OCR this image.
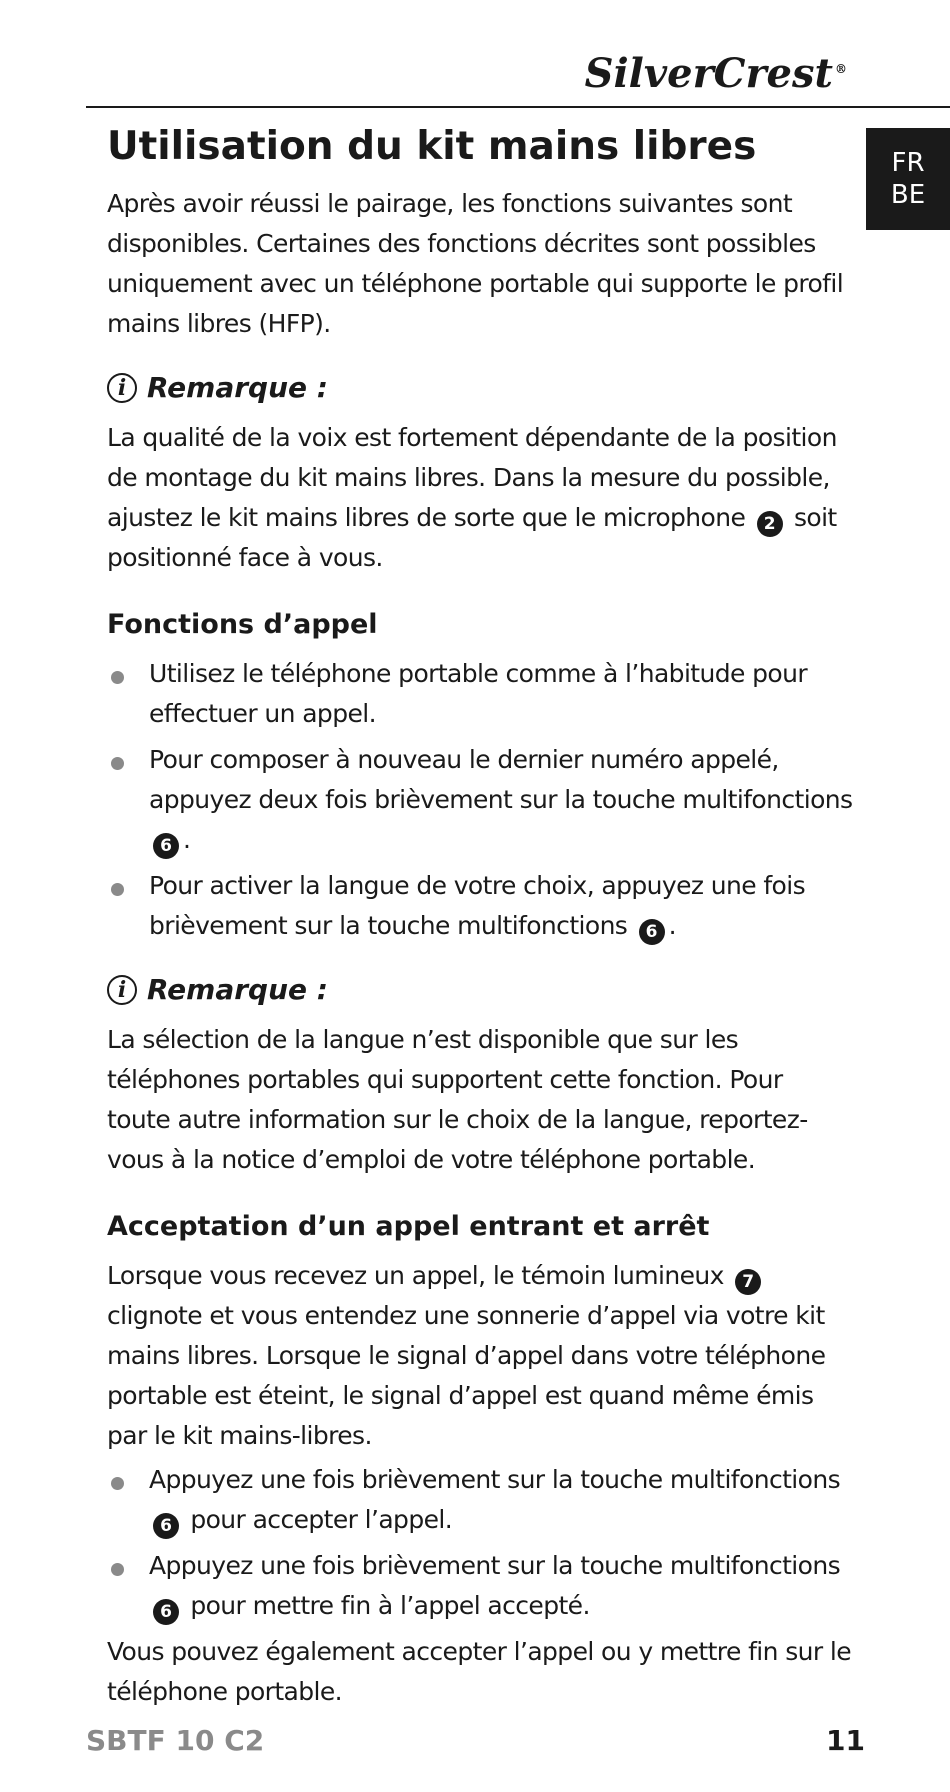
SilverCrest ®
FR
BE
Utilisation du kit mains libres

Après avoir réussi le pairage, les fonctions suivantes sont disponibles. Certaines des fonctions décrites sont possibles uniquement avec un téléphone portable qui supporte le profil mains libres (HFP).

i Remarque :

La qualité de la voix est fortement dépendante de la position de montage du kit mains libres. Dans la mesure du possible, ajustez le kit mains libres de sorte que le microphone 2 soit positionné face à vous.

Fonctions d’appel
Utilisez le téléphone portable comme à l’habitude pour effectuer un appel.
Pour composer à nouveau le dernier numéro appelé, appuyez deux fois brièvement sur la touche multifonctions 6 .
Pour activer la langue de votre choix, appuyez une fois brièvement sur la touche multifonctions 6 .
i Remarque :

La sélection de la langue n’est disponible que sur les téléphones portables qui supportent cette fonction. Pour toute autre information sur le choix de la langue, reportez-vous à la notice d’emploi de votre téléphone portable.

Acceptation d’un appel entrant et arrêt

Lorsque vous recevez un appel, le témoin lumineux 7 clignote et vous entendez une sonnerie d’appel via votre kit mains libres. Lorsque le signal d’appel dans votre téléphone portable est éteint, le signal d’appel est quand même émis par le kit mains-libres.

Appuyez une fois brièvement sur la touche multifonctions 6 pour accepter l’appel.
Appuyez une fois brièvement sur la touche multifonctions 6 pour mettre fin à l’appel accepté.

Vous pouvez également accepter l’appel ou y mettre fin sur le téléphone portable.

SBTF 10 C2	11
